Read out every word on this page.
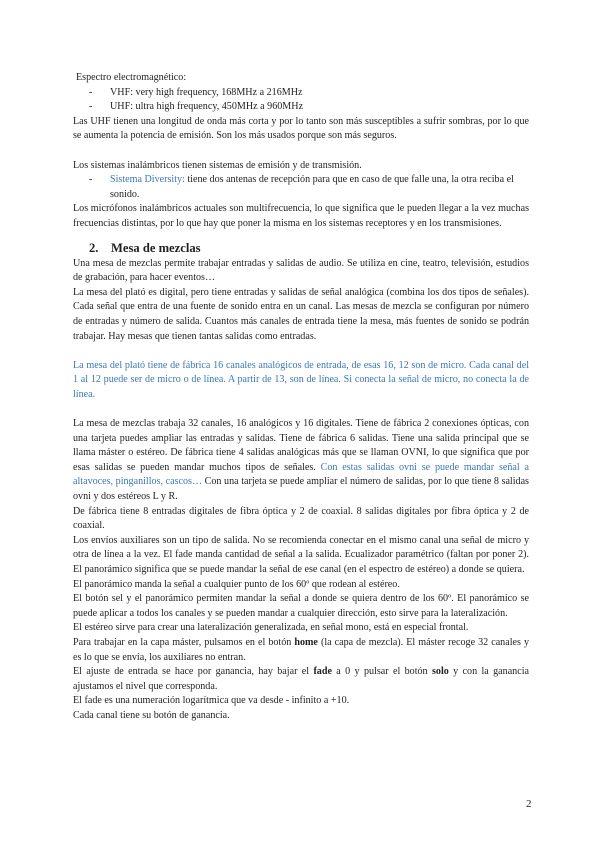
Espectro electromagnético:

- VHF: very high frequency, 168MHz a 216MHz
- UHF: ultra high frequency, 450MHz a 960MHz

Las UHF tienen una longitud de onda más corta y por lo tanto son más susceptibles a sufrir sombras, por lo que se aumenta la potencia de emisión. Son los más usados porque son más seguros.

Los sistemas inalámbricos tienen sistemas de emisión y de transmisión.

- Sistema Diversity: tiene dos antenas de recepción para que en caso de que falle una, la otra reciba el sonido.

Los micrófonos inalámbricos actuales son multifrecuencia, lo que significa que le pueden llegar a la vez muchas frecuencias distintas, por lo que hay que poner la misma en los sistemas receptores y en los transmisiones.

2. Mesa de mezclas

Una mesa de mezclas permite trabajar entradas y salidas de audio. Se utiliza en cine, teatro, televisión, estudios de grabación, para hacer eventos…

La mesa del plató es digital, pero tiene entradas y salidas de señal analógica (combina los dos tipos de señales). Cada señal que entra de una fuente de sonido entra en un canal. Las mesas de mezcla se configuran por número de entradas y número de salida. Cuantos más canales de entrada tiene la mesa, más fuentes de sonido se podrán trabajar. Hay mesas que tienen tantas salidas como entradas.

La mesa del plató tiene de fábrica 16 canales analógicos de entrada, de esas 16, 12 son de micro. Cada canal del 1 al 12 puede ser de micro o de línea. A partir de 13, son de línea. Si conecta la señal de micro, no conecta la de línea.

La mesa de mezclas trabaja 32 canales, 16 analógicos y 16 digitales. Tiene de fábrica 2 conexiones ópticas, con una tarjeta puedes ampliar las entradas y salidas. Tiene de fábrica 6 salidas. Tiene una salida principal que se llama máster o estéreo. De fábrica tiene 4 salidas analógicas más que se llaman OVNI, lo que significa que por esas salidas se pueden mandar muchos tipos de señales. Con estas salidas ovni se puede mandar señal a altavoces, pinganillos, cascos… Con una tarjeta se puede ampliar el número de salidas, por lo que tiene 8 salidas ovni y dos estéreos L y R.

De fábrica tiene 8 entradas digitales de fibra óptica y 2 de coaxial. 8 salidas digitales por fibra óptica y 2 de coaxial.

Los envíos auxiliares son un tipo de salida. No se recomienda conectar en el mismo canal una señal de micro y otra de línea a la vez. El fade manda cantidad de señal a la salida. Ecualizador paramétrico (faltan por poner 2). El panorámico significa que se puede mandar la señal de ese canal (en el espectro de estéreo) a donde se quiera.

El panorámico manda la señal a cualquier punto de los 60º que rodean al estéreo.

El botón sel y el panorámico permiten mandar la señal a donde se quiera dentro de los 60º. El panorámico se puede aplicar a todos los canales y se pueden mandar a cualquier dirección, esto sirve para la lateralización.

El estéreo sirve para crear una lateralización generalizada, en señal mono, está en especial frontal.

Para trabajar en la capa máster, pulsamos en el botón home (la capa de mezcla). El máster recoge 32 canales y es lo que se envía, los auxiliares no entran.

El ajuste de entrada se hace por ganancia, hay bajar el fade a 0 y pulsar el botón solo y con la ganancia ajustamos el nivel que corresponda.

El fade es una numeración logarítmica que va desde - infinito a +10.

Cada canal tiene su botón de ganancia.

2
